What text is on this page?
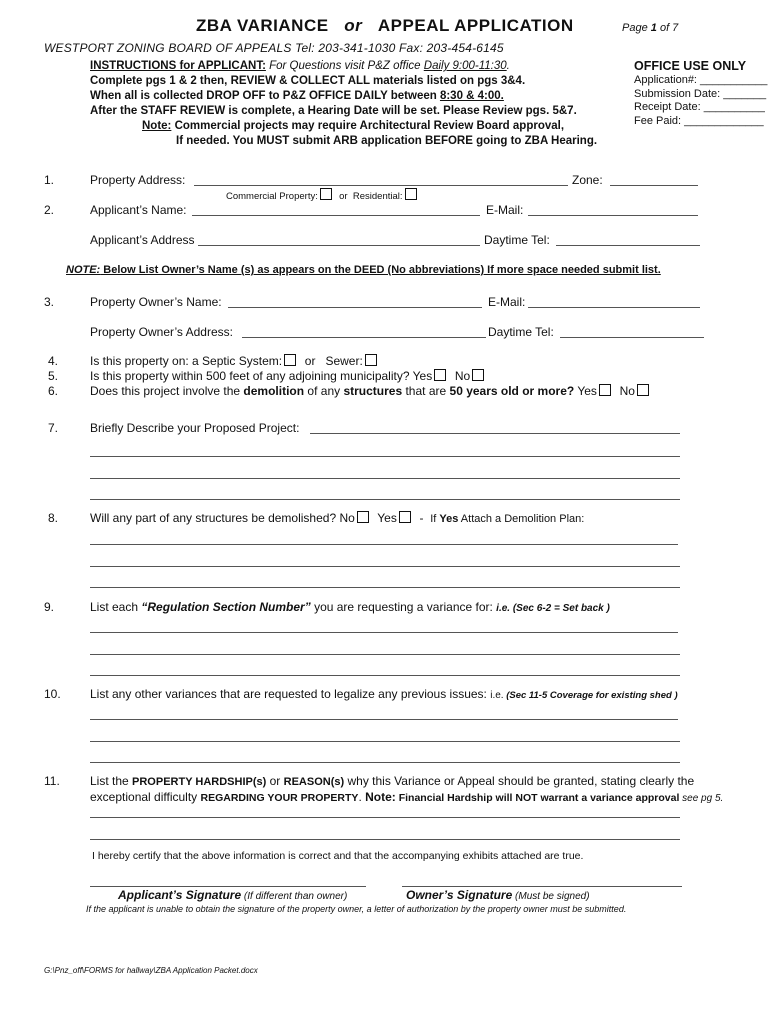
ZBA VARIANCE or APPEAL APPLICATION	Page 1 of 7
WESTPORT ZONING BOARD OF APPEALS Tel: 203-341-1030 Fax: 203-454-6145
INSTRUCTIONS for APPLICANT: For Questions visit P&Z office Daily 9:00-11:30.
Complete pgs 1 & 2 then, REVIEW & COLLECT ALL materials listed on pgs 3&4.
When all is collected DROP OFF to P&Z OFFICE DAILY between 8:30 & 4:00.
After the STAFF REVIEW is complete, a Hearing Date will be set. Please Review pgs. 5&7.
Note: Commercial projects may require Architectural Review Board approval,
If needed. You MUST submit ARB application BEFORE going to ZBA Hearing.
OFFICE USE ONLY
Application#: ___________
Submission Date: _______
Receipt Date: __________
Fee Paid: _____________
1.	Property Address:	Zone:
Commercial Property: or Residential:
2.	Applicant’s Name:	E-Mail:
Applicant’s Address	Daytime Tel:
NOTE: Below List Owner’s Name (s) as appears on the DEED (No abbreviations) If more space needed submit list.
3.	Property Owner’s Name:	E-Mail:
Property Owner’s Address:	Daytime Tel:
4.	Is this property on: a Septic System: or Sewer:
5.	Is this property within 500 feet of any adjoining municipality? Yes No
6.	Does this project involve the demolition of any structures that are 50 years old or more? Yes No
7.	Briefly Describe your Proposed Project:
8.	Will any part of any structures be demolished? No Yes - If Yes Attach a Demolition Plan:
9.	List each “Regulation Section Number” you are requesting a variance for: i.e. (Sec 6-2 = Set back )
10. List any other variances that are requested to legalize any previous issues: i.e. (Sec 11-5 Coverage for existing shed )
11.	List the PROPERTY HARDSHIP(s) or REASON(s) why this Variance or Appeal should be granted, stating clearly the
exceptional difficulty REGARDING YOUR PROPERTY. Note: Financial Hardship will NOT warrant a variance approval see pg 5.
I hereby certify that the above information is correct and that the accompanying exhibits attached are true.
Applicant’s Signature (If different than owner)	Owner’s Signature (Must be signed)
If the applicant is unable to obtain the signature of the property owner, a letter of authorization by the property owner must be submitted.
G:\Pnz_off\FORMS for hallway\ZBA Application Packet.docx
